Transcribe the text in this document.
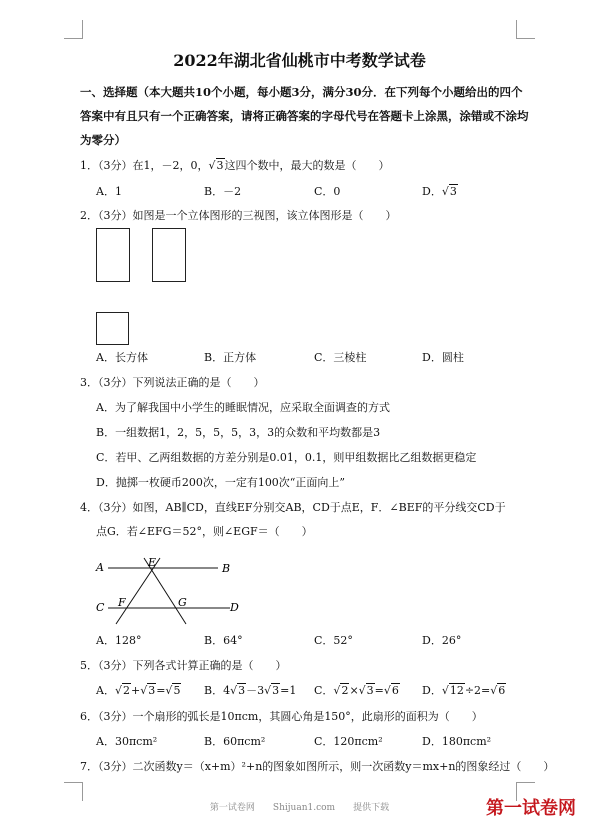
2022年湖北省仙桃市中考数学试卷
一、选择题（本大题共10个小题，每小题3分，满分30分．在下列每个小题给出的四个
答案中有且只有一个正确答案，请将正确答案的字母代号在答题卡上涂黑，涂错或不涂均
为零分）
1．（3分）在1，－2，0，√3这四个数中，最大的数是（　　）
A．1	B．－2	C．0	D．√3
2．（3分）如图是一个立体图形的三视图，该立体图形是（　　）
A．长方体	B．正方体	C．三棱柱	D．圆柱
3．（3分）下列说法正确的是（　　）
A．为了解我国中小学生的睡眠情况，应采取全面调查的方式
B．一组数据1，2，5，5，5，3，3的众数和平均数都是3
C．若甲、乙两组数据的方差分别是0.01，0.1，则甲组数据比乙组数据更稳定
D．抛掷一枚硬币200次，一定有100次“正面向上”
4．（3分）如图，AB∥CD，直线EF分别交AB，CD于点E，F．∠BEF的平分线交CD于
点G．若∠EFG＝52°，则∠EGF＝（　　）
A	B
C	D
E
F	G
A．128°	B．64°	C．52°	D．26°
5．（3分）下列各式计算正确的是（　　）
A．√2+√3=√5 B．4√3－3√3=1 C．√2×√3=√6 D．√12÷2=√6
6．（3分）一个扇形的弧长是10πcm，其圆心角是150°，此扇形的面积为（　　）
A．30πcm²	B．60πcm²	C．120πcm²	D．180πcm²
7．（3分）二次函数y＝（x+m）²+n的图象如图所示，则一次函数y＝mx+n的图象经过（　　）
第一试卷网　　Shijuan1.com　　提供下载	第一试卷网
